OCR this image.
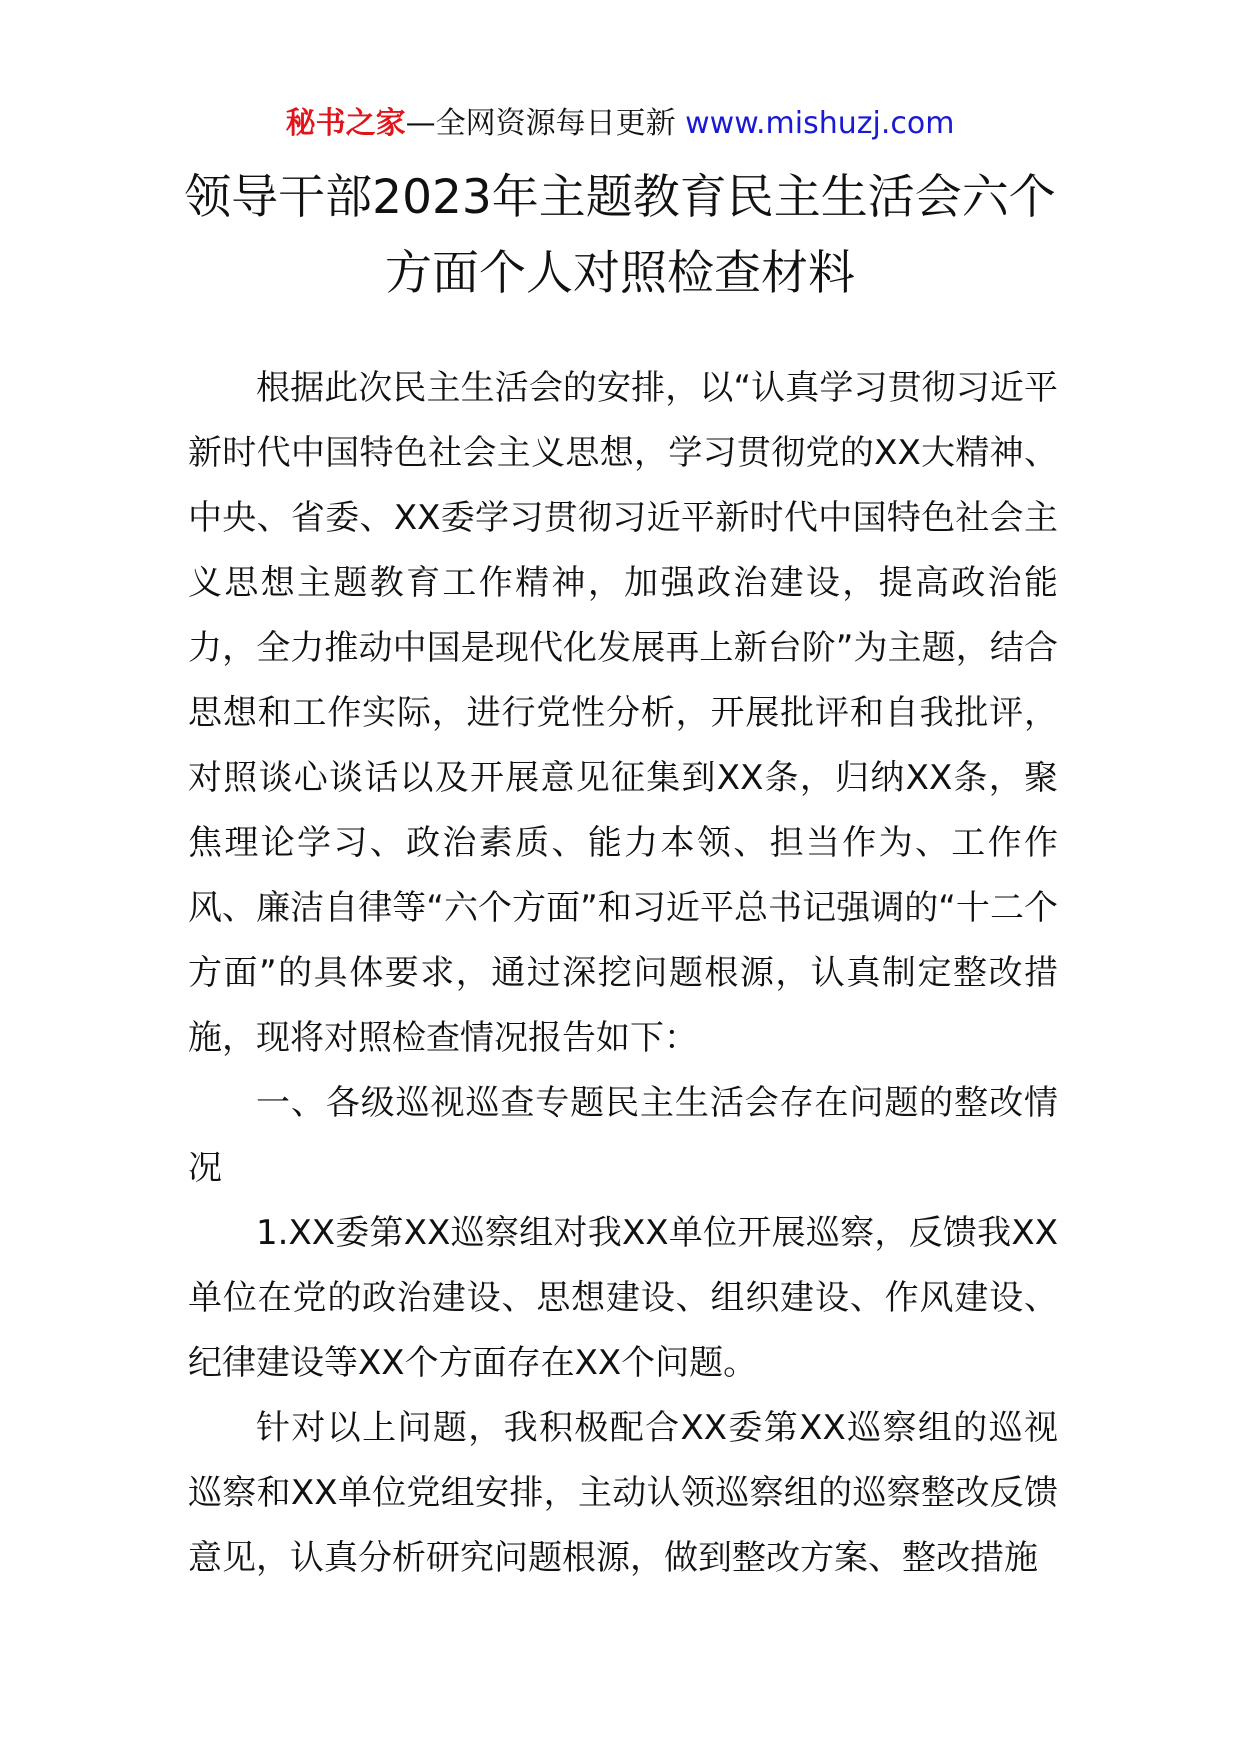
秘书之家—全网资源每日更新 www.mishuzj.com
领导干部2023年主题教育民主生活会六个
方面个人对照检查材料

根据此次民主生活会的安排，以“认真学习贯彻习近平新时代中国特色社会主义思想，学习贯彻党的XX大精神、中央、省委、XX委学习贯彻习近平新时代中国特色社会主义思想主题教育工作精神，加强政治建设，提高政治能力，全力推动中国是现代化发展再上新台阶”为主题，结合思想和工作实际，进行党性分析，开展批评和自我批评，对照谈心谈话以及开展意见征集到XX条，归纳XX条，聚焦理论学习、政治素质、能力本领、担当作为、工作作风、廉洁自律等“六个方面”和习近平总书记强调的“十二个方面”的具体要求，通过深挖问题根源，认真制定整改措施，现将对照检查情况报告如下：

一、各级巡视巡查专题民主生活会存在问题的整改情况

1.XX委第XX巡察组对我XX单位开展巡察，反馈我XX单位在党的政治建设、思想建设、组织建设、作风建设、纪律建设等XX个方面存在XX个问题。

针对以上问题，我积极配合XX委第XX巡察组的巡视巡察和XX单位党组安排，主动认领巡察组的巡察整改反馈意见，认真分析研究问题根源，做到整改方案、整改措施
